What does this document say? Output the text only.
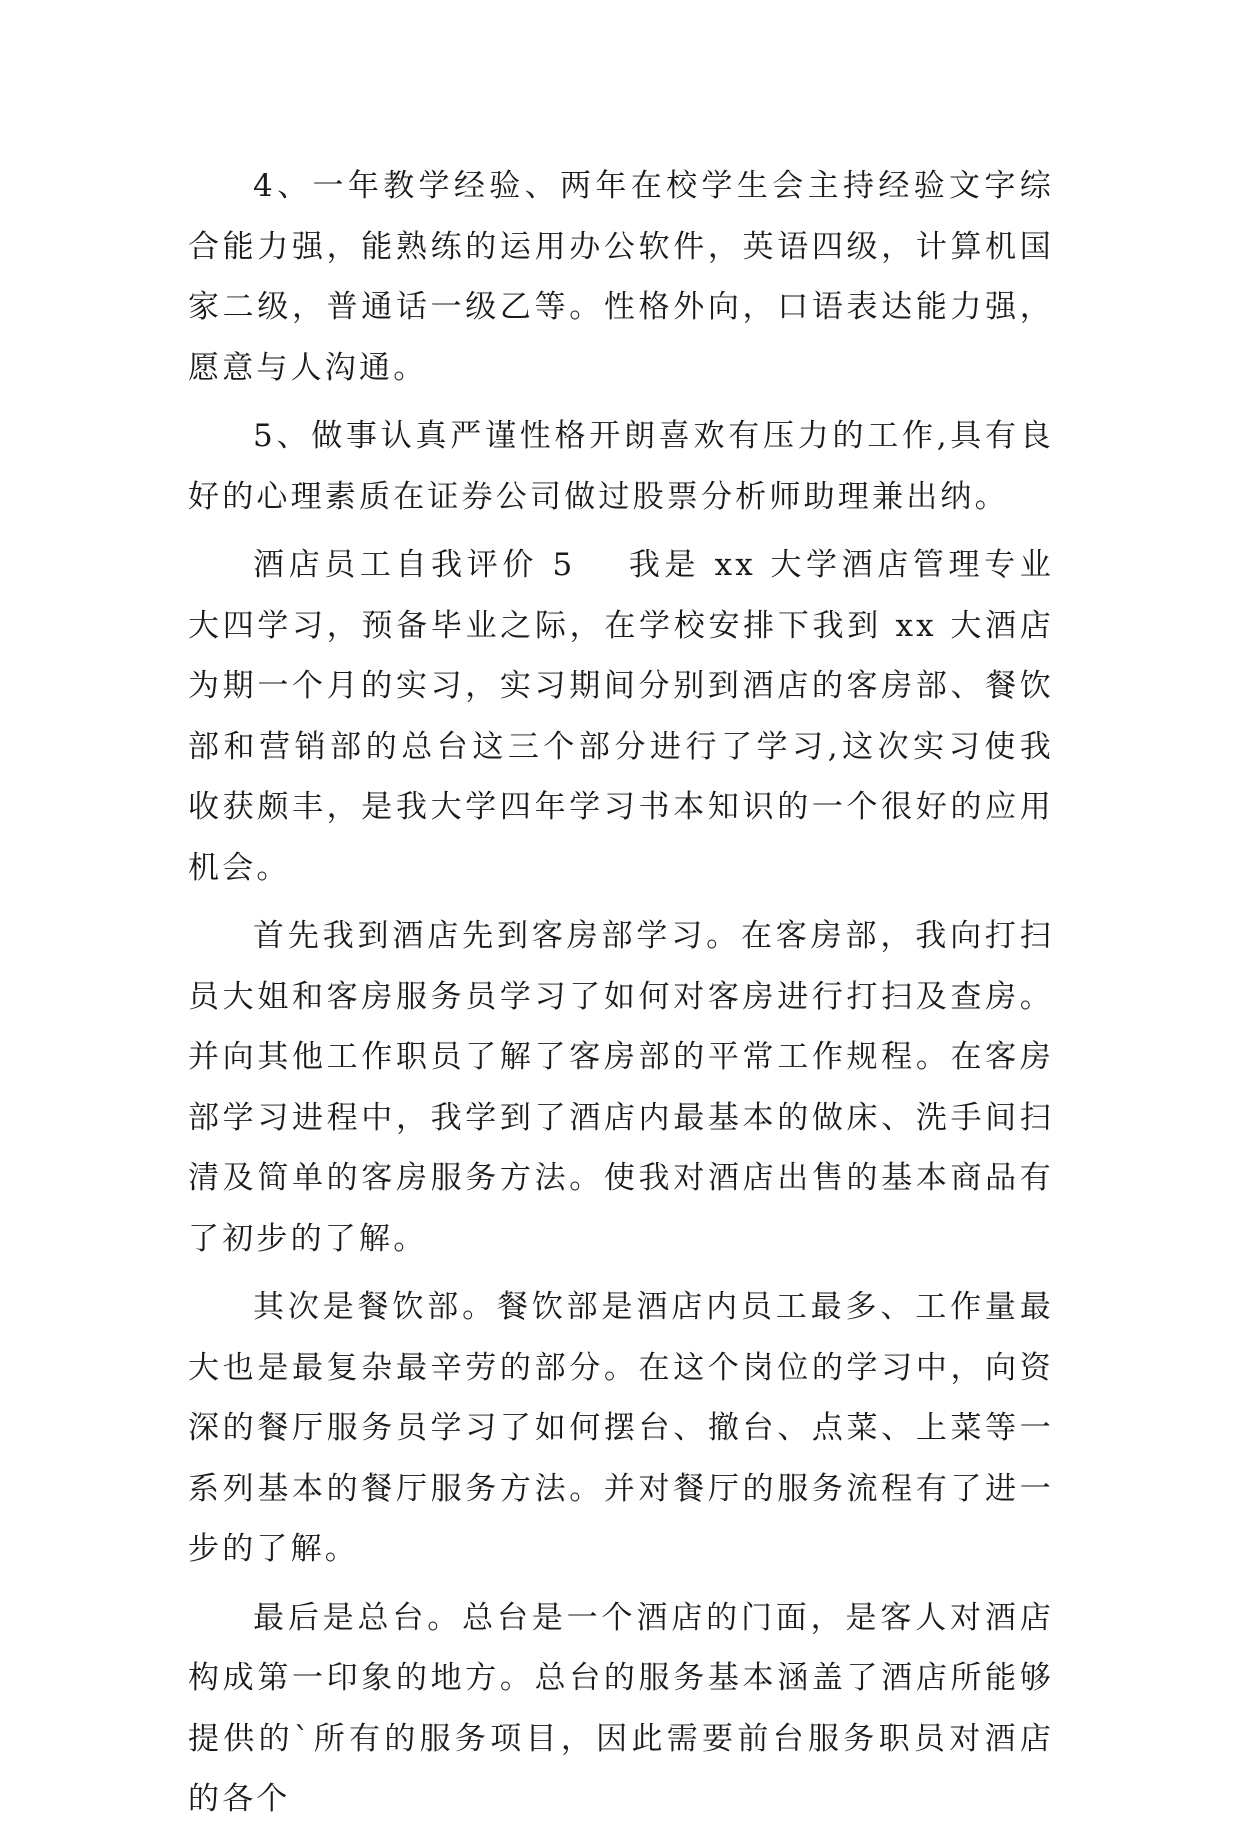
4、一年教学经验、两年在校学生会主持经验文字综合能力强，能熟练的运用办公软件，英语四级，计算机国家二级，普通话一级乙等。性格外向，口语表达能力强，愿意与人沟通。

5、做事认真严谨性格开朗喜欢有压力的工作,具有良好的心理素质在证券公司做过股票分析师助理兼出纳。

酒店员工自我评价 5 我是 xx 大学酒店管理专业大四学习，预备毕业之际，在学校安排下我到 xx 大酒店为期一个月的实习，实习期间分别到酒店的客房部、餐饮部和营销部的总台这三个部分进行了学习,这次实习使我收获颇丰，是我大学四年学习书本知识的一个很好的应用机会。

首先我到酒店先到客房部学习。在客房部，我向打扫员大姐和客房服务员学习了如何对客房进行打扫及查房。并向其他工作职员了解了客房部的平常工作规程。在客房部学习进程中，我学到了酒店内最基本的做床、洗手间扫清及简单的客房服务方法。使我对酒店出售的基本商品有了初步的了解。

其次是餐饮部。餐饮部是酒店内员工最多、工作量最大也是最复杂最辛劳的部分。在这个岗位的学习中，向资深的餐厅服务员学习了如何摆台、撤台、点菜、上菜等一系列基本的餐厅服务方法。并对餐厅的服务流程有了进一步的了解。

最后是总台。总台是一个酒店的门面，是客人对酒店构成第一印象的地方。总台的服务基本涵盖了酒店所能够提供的`所有的服务项目，因此需要前台服务职员对酒店的各个
